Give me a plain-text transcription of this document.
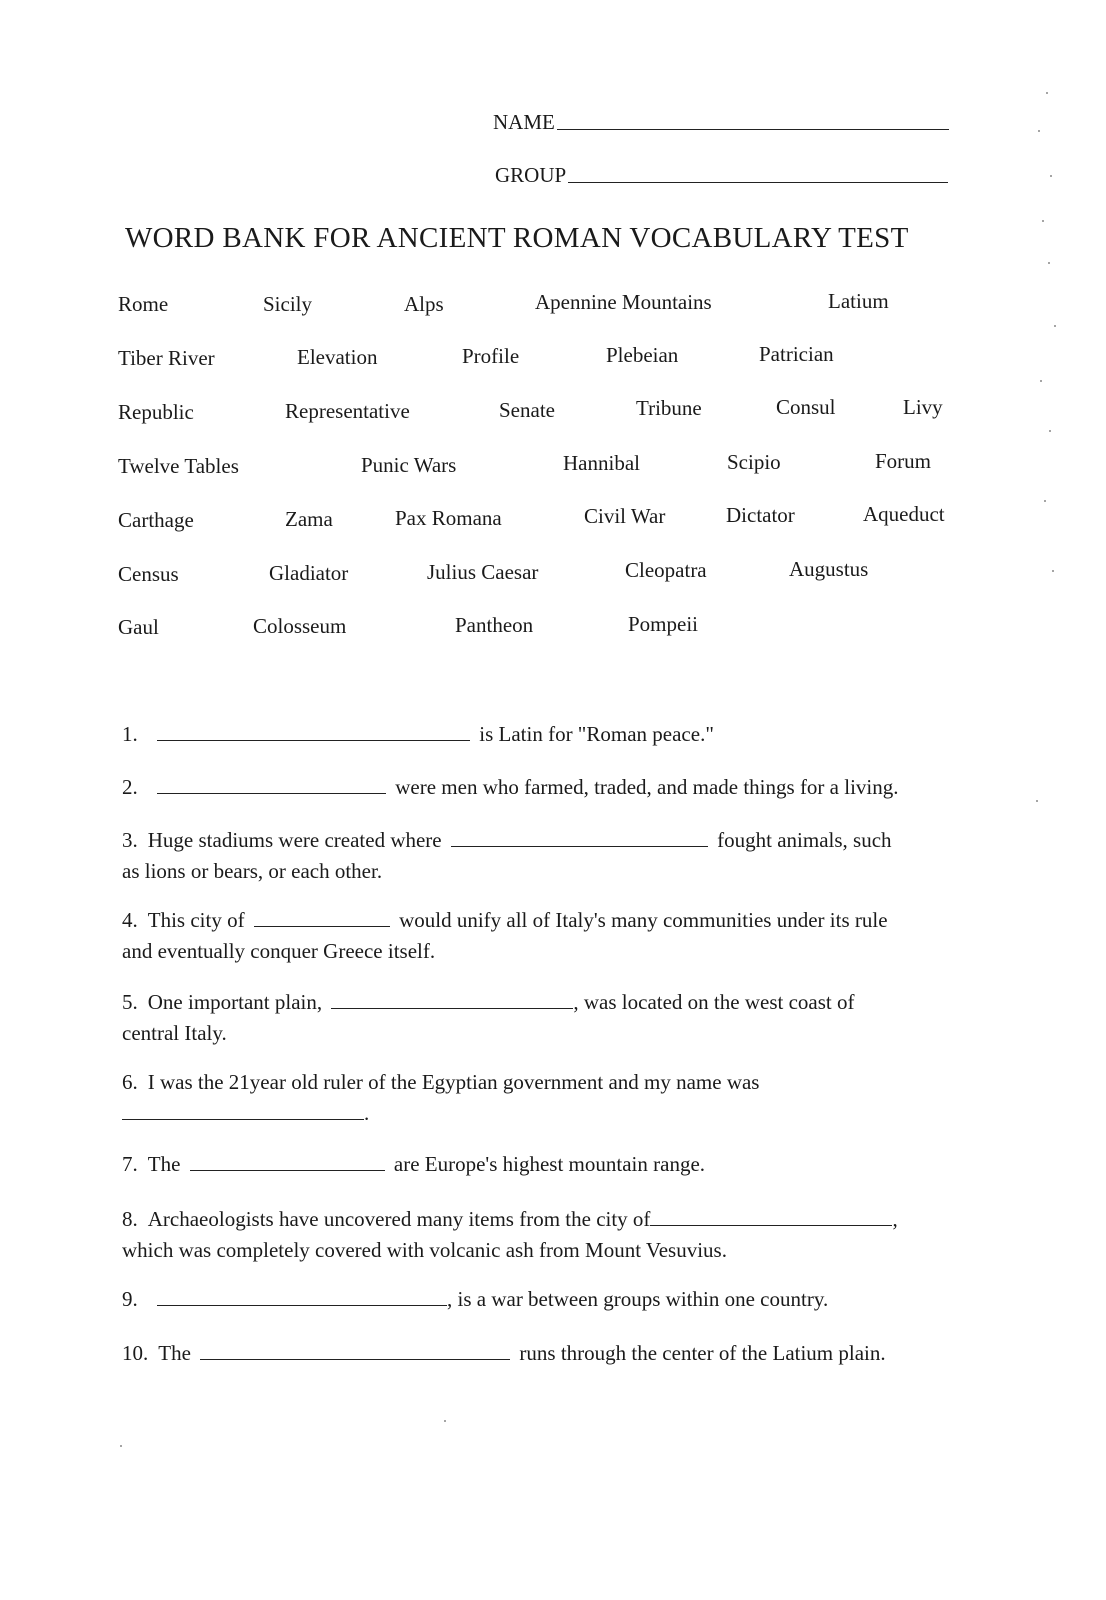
NAME
GROUP
WORD BANK FOR ANCIENT ROMAN VOCABULARY TEST
Rome	Sicily	Alps	Apennine Mountains	Latium
Tiber River	Elevation	Profile	Plebeian	Patrician
Republic	Representative	Senate	Tribune	Consul	Livy
Twelve Tables	Punic Wars	Hannibal	Scipio	Forum
Carthage	Zama	Pax Romana	Civil War	Dictator	Aqueduct
Census	Gladiator	Julius Caesar	Cleopatra	Augustus
Gaul	Colosseum	Pantheon	Pompeii
1.	is Latin for "Roman peace."
2.	were men who farmed, traded, and made things for a living.
3. Huge stadiums were created where	fought animals, such
as lions or bears, or each other.
4. This city of	would unify all of Italy's many communities under its rule
and eventually conquer Greece itself.
5. One important plain,	, was located on the west coast of
central Italy.
6. I was the 21year old ruler of the Egyptian government and my name was
.
7. The	are Europe's highest mountain range.
8. Archaeologists have uncovered many items from the city of	,
which was completely covered with volcanic ash from Mount Vesuvius.
9.	, is a war between groups within one country.
10. The	runs through the center of the Latium plain.
